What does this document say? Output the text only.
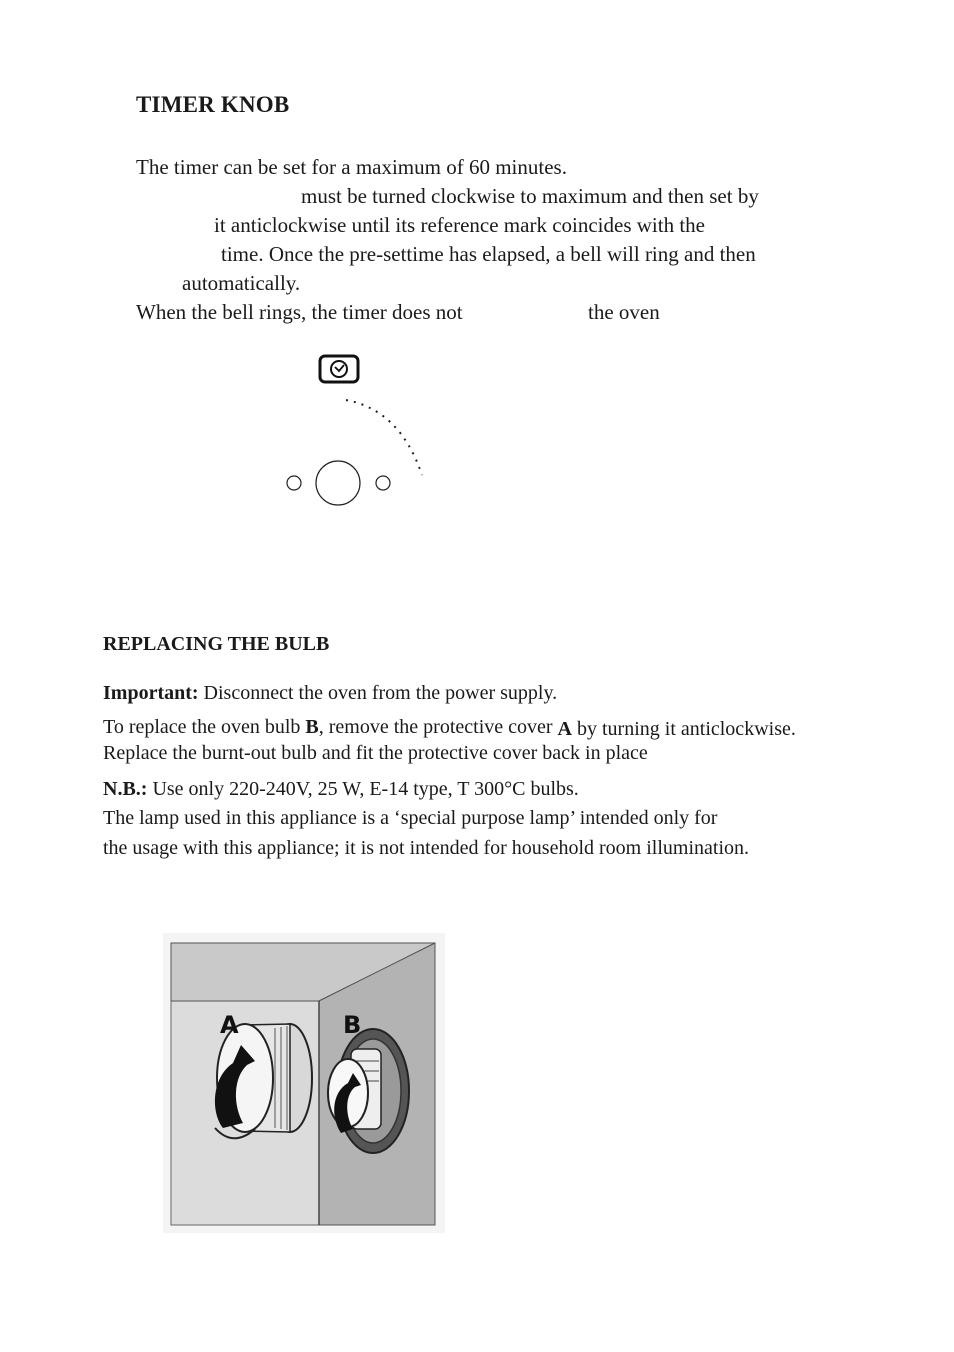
TIMER KNOB
The timer can be set for a maximum of 60 minutes.
must be turned clockwise to maximum and then set by
it anticlockwise until its reference mark coincides with the
time. Once the pre-settime has elapsed, a bell will ring and then
automatically.
When the bell rings, the timer does not	the oven
REPLACING THE BULB
Important: Disconnect the oven from the power supply.
To replace the oven bulb B, remove the protective cover A by turning it anticlockwise.
Replace the burnt-out bulb and fit the protective cover back in place
N.B.: Use only 220-240V, 25 W, E-14 type, T 300°C bulbs.
The lamp used in this appliance is a ‘special purpose lamp’ intended only for
the usage with this appliance; it is not intended for household room illumination.
A	B
